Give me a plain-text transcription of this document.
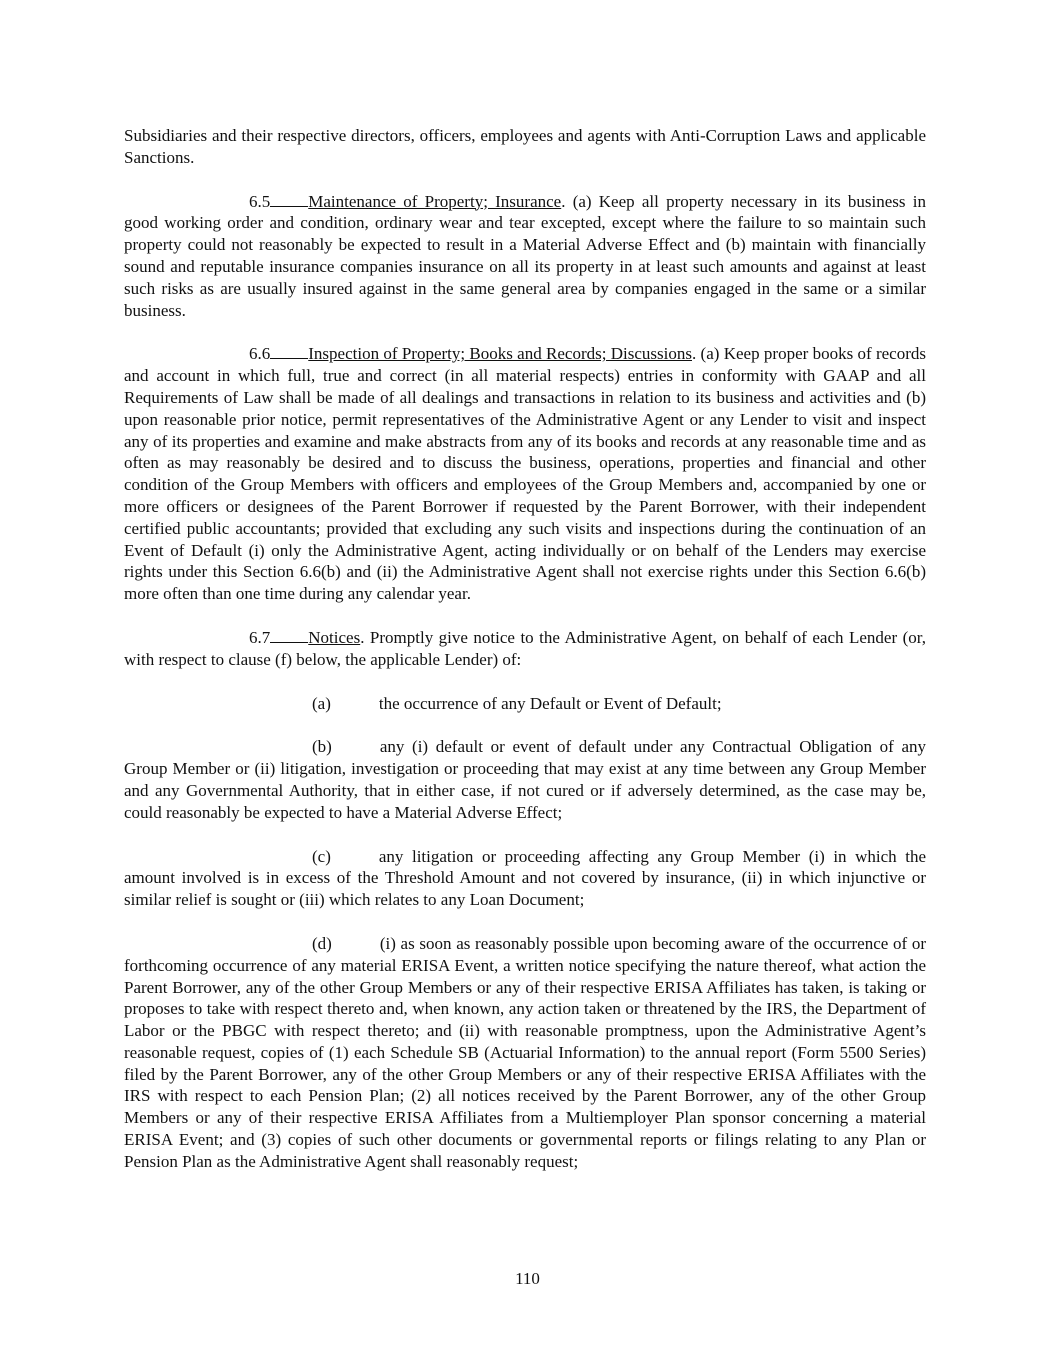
Subsidiaries and their respective directors, officers, employees and agents with Anti-Corruption Laws and applicable Sanctions.

6.5 Maintenance of Property; Insurance. (a) Keep all property necessary in its business in good working order and condition, ordinary wear and tear excepted, except where the failure to so maintain such property could not reasonably be expected to result in a Material Adverse Effect and (b) maintain with financially sound and reputable insurance companies insurance on all its property in at least such amounts and against at least such risks as are usually insured against in the same general area by companies engaged in the same or a similar business.

6.6 Inspection of Property; Books and Records; Discussions. (a) Keep proper books of records and account in which full, true and correct (in all material respects) entries in conformity with GAAP and all Requirements of Law shall be made of all dealings and transactions in relation to its business and activities and (b) upon reasonable prior notice, permit representatives of the Administrative Agent or any Lender to visit and inspect any of its properties and examine and make abstracts from any of its books and records at any reasonable time and as often as may reasonably be desired and to discuss the business, operations, properties and financial and other condition of the Group Members with officers and employees of the Group Members and, accompanied by one or more officers or designees of the Parent Borrower if requested by the Parent Borrower, with their independent certified public accountants; provided that excluding any such visits and inspections during the continuation of an Event of Default (i) only the Administrative Agent, acting individually or on behalf of the Lenders may exercise rights under this Section 6.6(b) and (ii) the Administrative Agent shall not exercise rights under this Section 6.6(b) more often than one time during any calendar year.

6.7 Notices. Promptly give notice to the Administrative Agent, on behalf of each Lender (or, with respect to clause (f) below, the applicable Lender) of:

(a)	the occurrence of any Default or Event of Default;

(b)	any (i) default or event of default under any Contractual Obligation of any Group Member or (ii) litigation, investigation or proceeding that may exist at any time between any Group Member and any Governmental Authority, that in either case, if not cured or if adversely determined, as the case may be, could reasonably be expected to have a Material Adverse Effect;

(c)	any litigation or proceeding affecting any Group Member (i) in which the amount involved is in excess of the Threshold Amount and not covered by insurance, (ii) in which injunctive or similar relief is sought or (iii) which relates to any Loan Document;

(d)	(i) as soon as reasonably possible upon becoming aware of the occurrence of or forthcoming occurrence of any material ERISA Event, a written notice specifying the nature thereof, what action the Parent Borrower, any of the other Group Members or any of their respective ERISA Affiliates has taken, is taking or proposes to take with respect thereto and, when known, any action taken or threatened by the IRS, the Department of Labor or the PBGC with respect thereto; and (ii) with reasonable promptness, upon the Administrative Agent’s reasonable request, copies of (1) each Schedule SB (Actuarial Information) to the annual report (Form 5500 Series) filed by the Parent Borrower, any of the other Group Members or any of their respective ERISA Affiliates with the IRS with respect to each Pension Plan; (2) all notices received by the Parent Borrower, any of the other Group Members or any of their respective ERISA Affiliates from a Multiemployer Plan sponsor concerning a material ERISA Event; and (3) copies of such other documents or governmental reports or filings relating to any Plan or Pension Plan as the Administrative Agent shall reasonably request;

110
